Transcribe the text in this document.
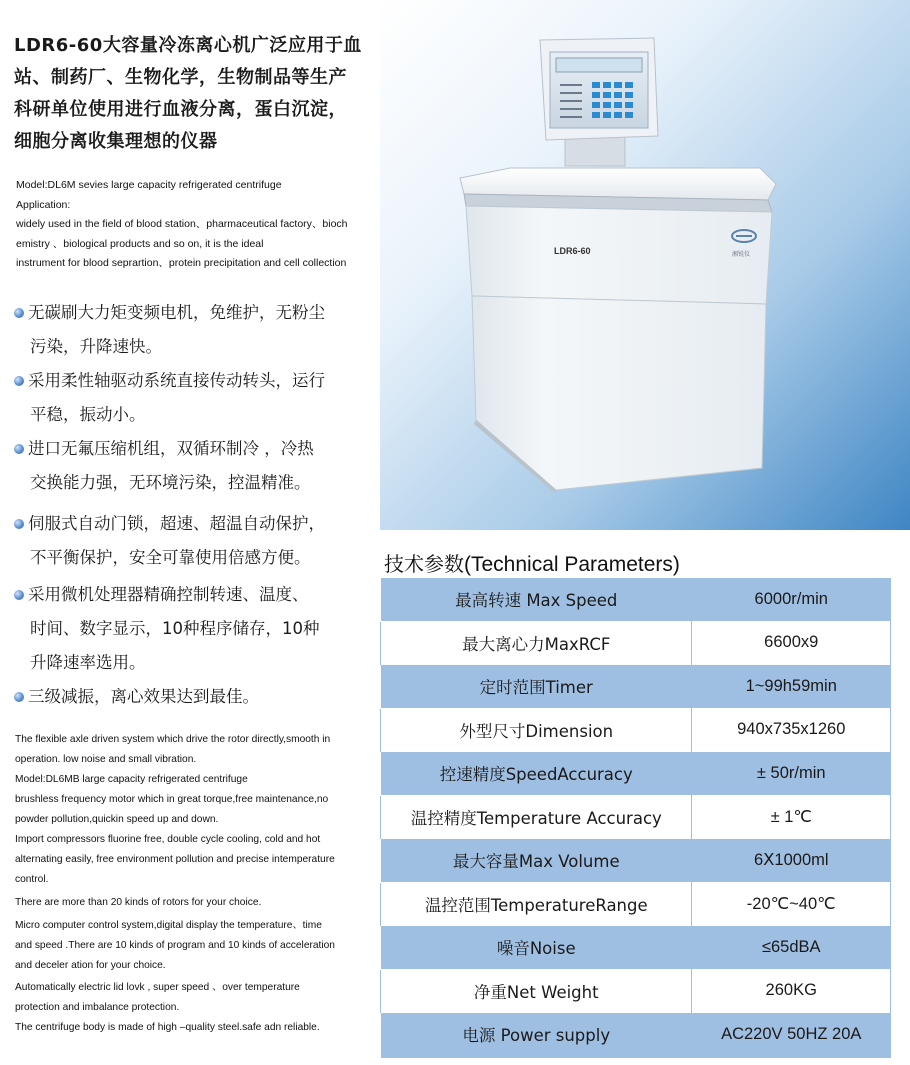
LDR6-60大容量冷冻离心机广泛应用于血
站、制药厂、生物化学，生物制品等生产
科研单位使用进行血液分离，蛋白沉淀，
细胞分离收集理想的仪器
Model:DL6M sevies large capacity refrigerated centrifuge
Application:
widely used in the field of blood station、pharmaceutical factory、bioch
emistry 、biological products and so on, it is the ideal
instrument for blood seprartion、protein precipitation and cell collection
无碳刷大力矩变频电机，免维护，无粉尘
污染，升降速快。
采用柔性轴驱动系统直接传动转头，运行
平稳，振动小。
进口无氟压缩机组，双循环制冷 ，冷热
交换能力强，无环境污染，控温精准。
伺服式自动门锁，超速、超温自动保护，
不平衡保护，安全可靠使用倍感方便。
采用微机处理器精确控制转速、温度、
时间、数字显示，10种程序储存，10种
升降速率选用。
三级减振，离心效果达到最佳。
The flexible axle driven system which drive the rotor directly,smooth in
operation. low noise and small vibration.
Model:DL6MB large capacity refrigerated centrifuge
brushless frequency motor which in great torque,free maintenance,no
powder pollution,quickin speed up and down.
Import compressors fluorine free, double cycle cooling, cold and hot
alternating easily, free environment pollution and precise intemperature
control.
There are more than 20 kinds of rotors for your choice.
Micro computer control system,digital display the temperature、time
and speed .There are 10 kinds of program and 10 kinds of acceleration
and deceler ation for your choice.
Automatically electric lid lovk , super speed 、over temperature
protection and imbalance protection.
The centrifuge body is made of high –quality steel.safe adn reliable.
湘锐仪
LDR6-60
技术参数(Technical Parameters)
最高转速 Max Speed	6000r/min
最大离心力MaxRCF	6600x9
定时范围Timer	1~99h59min
外型尺寸Dimension	940x735x1260
控速精度SpeedAccuracy	± 50r/min
温控精度Temperature Accuracy	± 1℃
最大容量Max Volume	6Ⅹ1000ml
温控范围TemperatureRange	-20℃~40℃
噪音Noise	≤65dBA
净重Net Weight	260KG
电源 Power supply	AC220V 50HZ 20A
